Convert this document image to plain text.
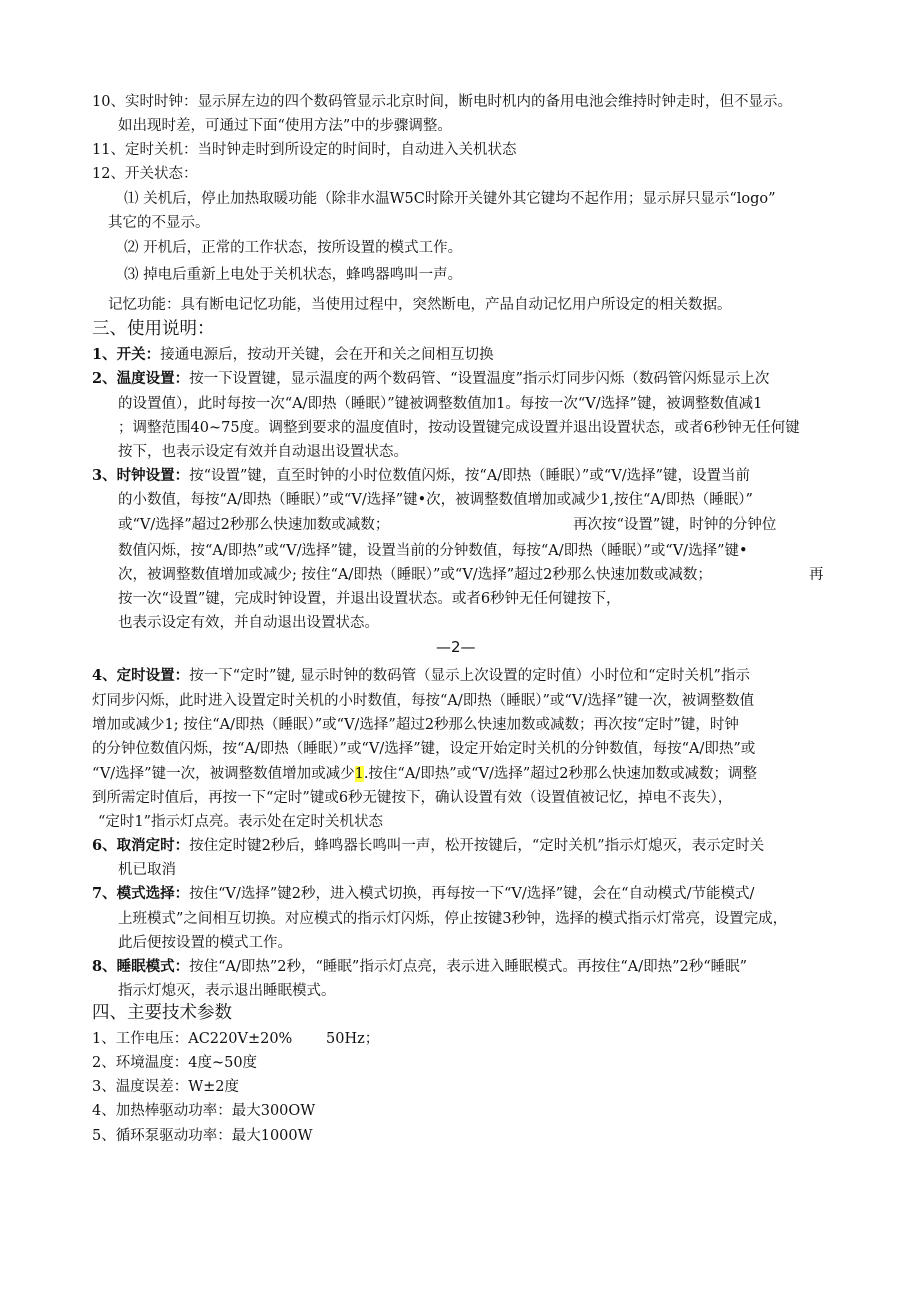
10、实时时钟：显示屏左边的四个数码管显示北京时间，断电时机内的备用电池会维持时钟走时，但不显示。
如出现时差，可通过下面“使用方法”中的步骤调整。
11、定时关机：当时钟走时到所设定的时间时，自动进入关机状态
12、开关状态：
⑴ 关机后，停止加热取暖功能（除非水温W5C时除开关键外其它键均不起作用；显示屏只显示“logo”
其它的不显示。
⑵ 开机后，正常的工作状态，按所设置的模式工作。
⑶ 掉电后重新上电处于关机状态，蜂鸣器鸣叫一声。
记忆功能：具有断电记忆功能，当使用过程中，突然断电，产品自动记忆用户所设定的相关数据。
三、使用说明：
1、开关：接通电源后，按动开关键，会在开和关之间相互切换
2、温度设置：按一下设置键，显示温度的两个数码管、“设置温度”指示灯同步闪烁（数码管闪烁显示上次
的设置值），此时每按一次“A/即热（睡眠）”键被调整数值加1。每按一次“V/选择”键，被调整数值减1
；调整范围40~75度。调整到要求的温度值时，按动设置键完成设置并退出设置状态，或者6秒钟无任何键
按下，也表示设定有效并自动退出设置状态。
3、时钟设置：按“设置”键，直至时钟的小时位数值闪烁，按“A/即热（睡眠）”或“V/选择”键，设置当前
的小数值，每按“A/即热（睡眠）”或“V/选择”键•次，被调整数值增加或减少1,按住“A/即热（睡眠）”
或“V/选择”超过2秒那么快速加数或减数；	再次按“设置”键，时钟的分钟位
数值闪烁，按“A/即热”或“V/选择”键，设置当前的分钟数值，每按“A/即热（睡眠）”或“V/选择”键•
次，被调整数值增加或减少; 按住“A/即热（睡眠）”或“V/选择”超过2秒那么快速加数或减数；	再
按一次“设置”键，完成时钟设置，并退出设置状态。或者6秒钟无任何键按下，
也表示设定有效，并自动退出设置状态。
—2—
4、定时设置：按一下“定时”键, 显示时钟的数码管（显示上次设置的定时值）小时位和“定时关机”指示
灯同步闪烁，此时进入设置定时关机的小时数值，每按“A/即热（睡眠）”或“V/选择”键一次，被调整数值
增加或减少1; 按住“A/即热（睡眠）”或“V/选择”超过2秒那么快速加数或减数；再次按“定时”键，时钟
的分钟位数值闪烁，按“A/即热（睡眠）”或“V/选择”键，设定开始定时关机的分钟数值，每按“A/即热”或
“V/选择”键一次，被调整数值增加或减少1.按住“A/即热”或“V/选择”超过2秒那么快速加数或减数；调整
到所需定时值后，再按一下“定时”键或6秒无键按下，确认设置有效（设置值被记忆，掉电不丧失），
“定时1”指示灯点亮。表示处在定时关机状态
6、取消定时：按住定时键2秒后，蜂鸣器长鸣叫一声，松开按键后，“定时关机”指示灯熄灭，表示定时关
机已取消
7、模式选择：按住“V/选择”键2秒，进入模式切换，再每按一下“V/选择”键，会在“自动模式/节能模式/
上班模式”之间相互切换。对应模式的指示灯闪烁，停止按键3秒钟，选择的模式指示灯常亮，设置完成，
此后便按设置的模式工作。
8、睡眠模式：按住“A/即热”2秒，“睡眠”指示灯点亮，表示进入睡眠模式。再按住“A/即热”2秒“睡眠”
指示灯熄灭，表示退出睡眠模式。
四、主要技术参数
1、工作电压：AC220V±20% 50Hz；
2、环境温度：4度~50度
3、温度误差：W±2度
4、加热棒驱动功率：最大300OW
5、循环泵驱动功率：最大1000W
